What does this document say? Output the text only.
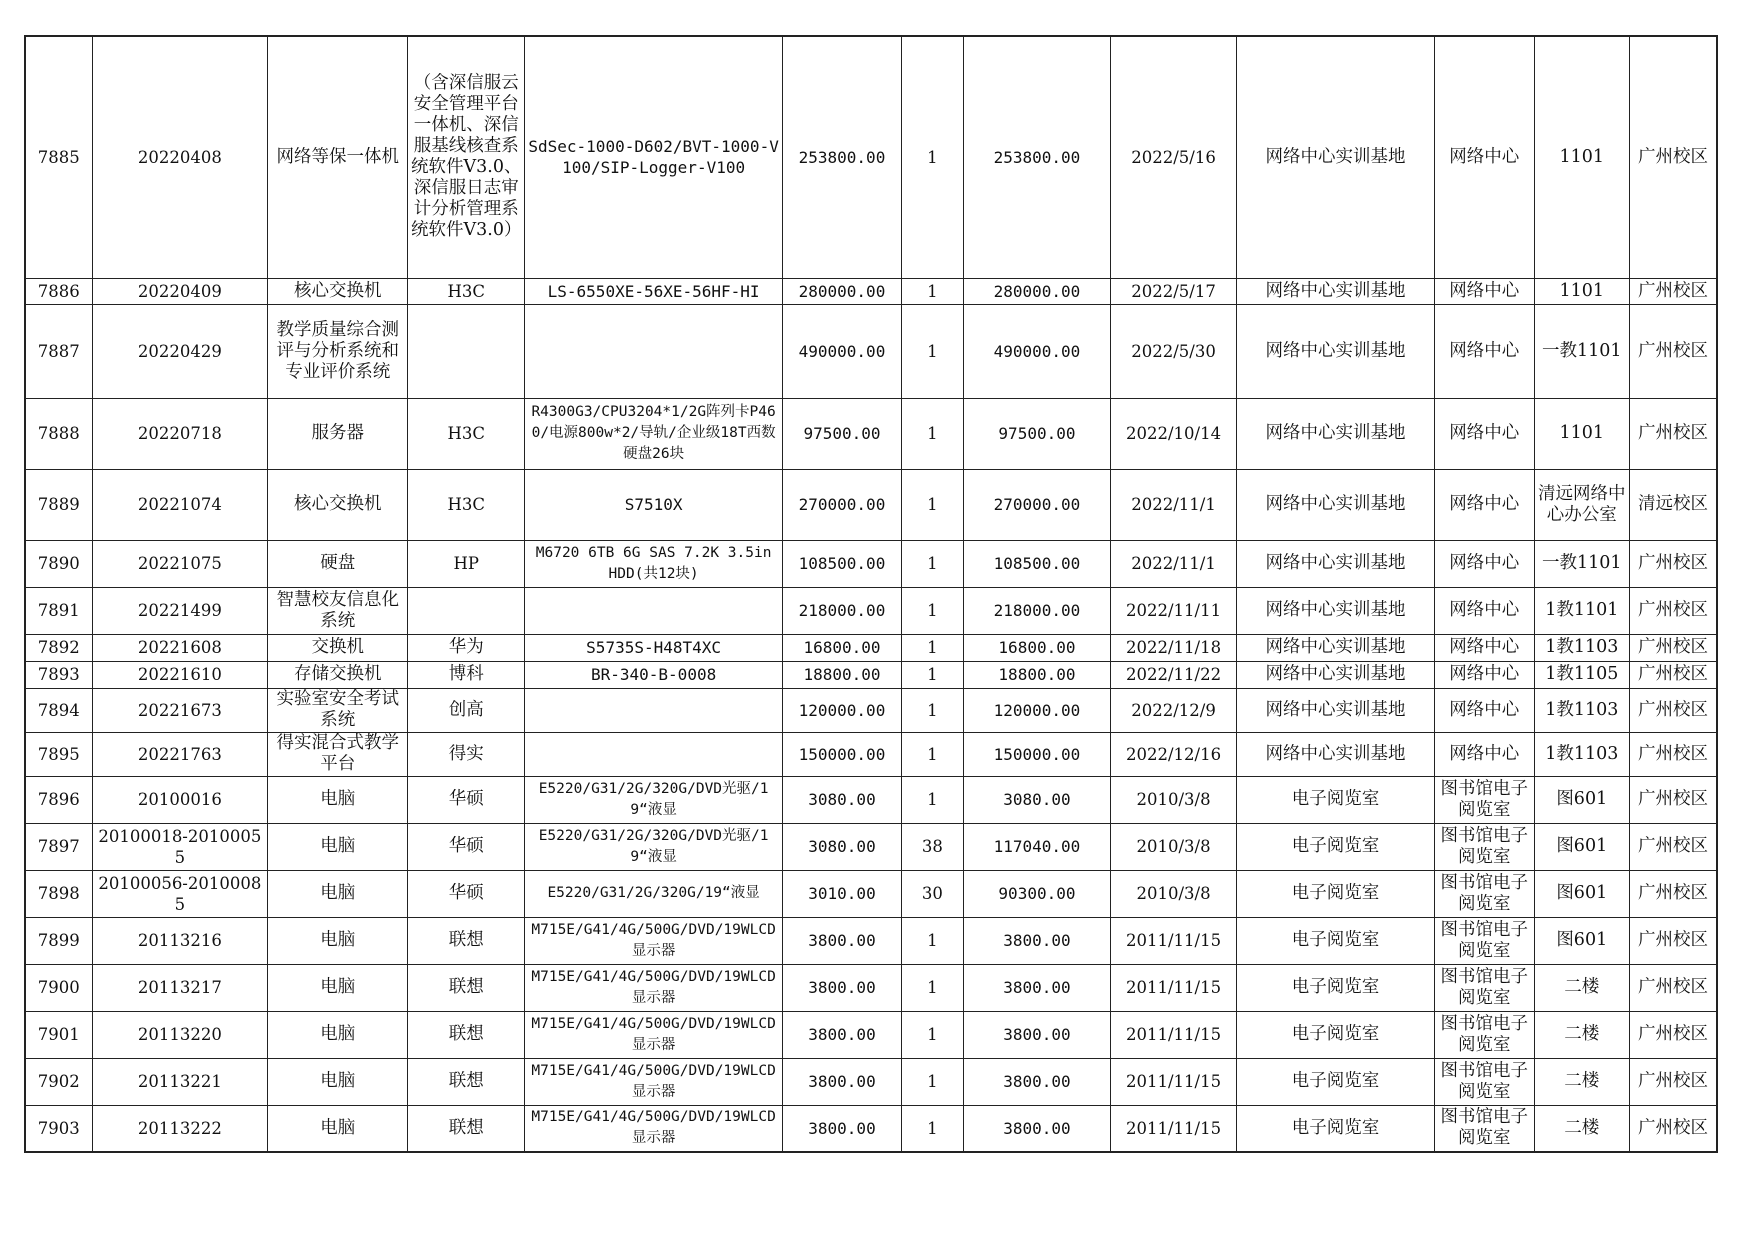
7885	20220408	网络等保一体机	（含深信服云安全管理平台一体机、深信服基线核查系统软件V3.0、深信服日志审计分析管理系统软件V3.0）	SdSec-1000-D602/BVT-1000-V100/SIP-Logger-V100	253800.00	1	253800.00	2022/5/16	网络中心实训基地	网络中心	1101	广州校区
7886	20220409	核心交换机	H3C	LS-6550XE-56XE-56HF-HI	280000.00	1	280000.00	2022/5/17	网络中心实训基地	网络中心	1101	广州校区
7887	20220429	教学质量综合测评与分析系统和专业评价系统			490000.00	1	490000.00	2022/5/30	网络中心实训基地	网络中心	一教1101	广州校区
7888	20220718	服务器	H3C	R4300G3/CPU3204*1/2G阵列卡P460/电源800w*2/导轨/企业级18T西数硬盘26块	97500.00	1	97500.00	2022/10/14	网络中心实训基地	网络中心	1101	广州校区
7889	20221074	核心交换机	H3C	S7510X	270000.00	1	270000.00	2022/11/1	网络中心实训基地	网络中心	清远网络中心办公室	清远校区
7890	20221075	硬盘	HP	M6720 6TB 6G SAS 7.2K 3.5in HDD(共12块)	108500.00	1	108500.00	2022/11/1	网络中心实训基地	网络中心	一教1101	广州校区
7891	20221499	智慧校友信息化系统			218000.00	1	218000.00	2022/11/11	网络中心实训基地	网络中心	1教1101	广州校区
7892	20221608	交换机	华为	S5735S-H48T4XC	16800.00	1	16800.00	2022/11/18	网络中心实训基地	网络中心	1教1103	广州校区
7893	20221610	存储交换机	博科	BR-340-B-0008	18800.00	1	18800.00	2022/11/22	网络中心实训基地	网络中心	1教1105	广州校区
7894	20221673	实验室安全考试系统	创高		120000.00	1	120000.00	2022/12/9	网络中心实训基地	网络中心	1教1103	广州校区
7895	20221763	得实混合式教学平台	得实		150000.00	1	150000.00	2022/12/16	网络中心实训基地	网络中心	1教1103	广州校区
7896	20100016	电脑	华硕	E5220/G31/2G/320G/DVD光驱/19“液显	3080.00	1	3080.00	2010/3/8	电子阅览室	图书馆电子阅览室	图601	广州校区
7897	20100018-20100055	电脑	华硕	E5220/G31/2G/320G/DVD光驱/19“液显	3080.00	38	117040.00	2010/3/8	电子阅览室	图书馆电子阅览室	图601	广州校区
7898	20100056-20100085	电脑	华硕	E5220/G31/2G/320G/19“液显	3010.00	30	90300.00	2010/3/8	电子阅览室	图书馆电子阅览室	图601	广州校区
7899	20113216	电脑	联想	M715E/G41/4G/500G/DVD/19WLCD显示器	3800.00	1	3800.00	2011/11/15	电子阅览室	图书馆电子阅览室	图601	广州校区
7900	20113217	电脑	联想	M715E/G41/4G/500G/DVD/19WLCD显示器	3800.00	1	3800.00	2011/11/15	电子阅览室	图书馆电子阅览室	二楼	广州校区
7901	20113220	电脑	联想	M715E/G41/4G/500G/DVD/19WLCD显示器	3800.00	1	3800.00	2011/11/15	电子阅览室	图书馆电子阅览室	二楼	广州校区
7902	20113221	电脑	联想	M715E/G41/4G/500G/DVD/19WLCD显示器	3800.00	1	3800.00	2011/11/15	电子阅览室	图书馆电子阅览室	二楼	广州校区
7903	20113222	电脑	联想	M715E/G41/4G/500G/DVD/19WLCD显示器	3800.00	1	3800.00	2011/11/15	电子阅览室	图书馆电子阅览室	二楼	广州校区
